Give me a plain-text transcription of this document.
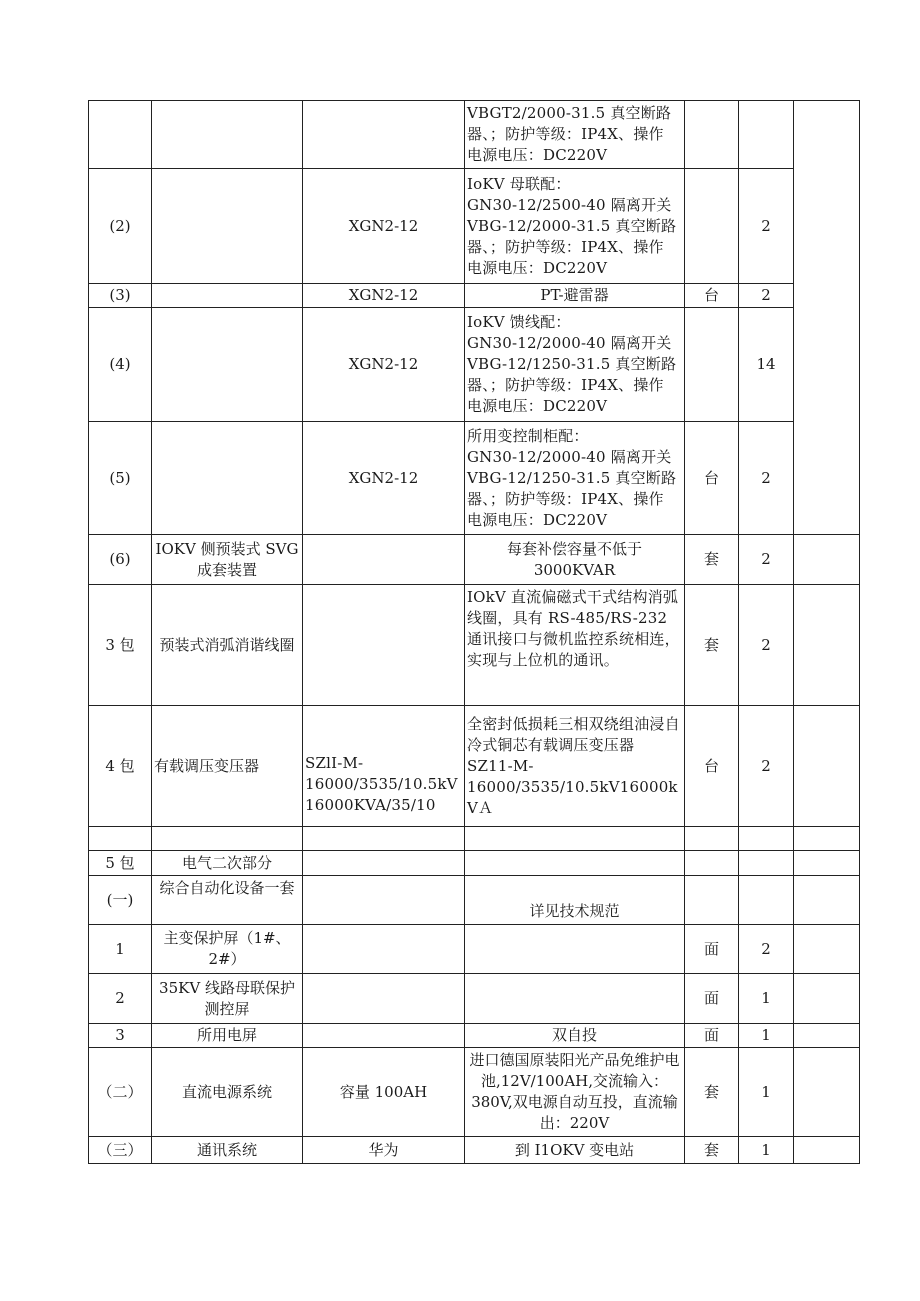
			VBGT2/2000-31.5 真空断路
器、；防护等级：IP4X、操作
电源电压：DC220V			
(2)		XGN2-12	IoKV 母联配：
GN30-12/2500-40 隔离开关
VBG-12/2000-31.5 真空断路
器、；防护等级：IP4X、操作
电源电压：DC220V		2	
(3)		XGN2-12	PT-避雷器	台	2	
(4)		XGN2-12	IoKV 馈线配：
GN30-12/2000-40 隔离开关
VBG-12/1250-31.5 真空断路
器、；防护等级：IP4X、操作
电源电压：DC220V		14	
(5)		XGN2-12	所用变控制柜配：
GN30-12/2000-40 隔离开关
VBG-12/1250-31.5 真空断路
器、；防护等级：IP4X、操作
电源电压：DC220V	台	2	
(6)	IOKV 侧预装式 SVG
成套装置		每套补偿容量不低于
3000KVAR	套	2	
3 包	预装式消弧消谐线圈		IOkV 直流偏磁式干式结构消弧
线圈，具有 RS-485/RS-232
通讯接口与微机监控系统相连，
实现与上位机的通讯。	套	2	
4 包	有载调压变压器	SZlI-M-
16000/3535/10.5kV
16000KVA/35/10	全密封低损耗三相双绕组油浸自
冷式铜芯有载调压变压器
SZ11-M-
16000/3535/10.5kV16000k
VＡ	台	2	

5 包	电气二次部分					
(一)	综合自动化设备一套		详见技术规范			
1	主变保护屏（1#、
2#）			面	2	
2	35KV 线路母联保护
测控屏			面	1	
3	所用电屏		双自投	面	1	
（二）	直流电源系统	容量 100AH	进口德国原装阳光产品免维护电
池,12V/100AH,交流输入：
380V,双电源自动互投，直流输
出：220V	套	1	
（三）	通讯系统	华为	到 I1OKV 变电站	套	1	
